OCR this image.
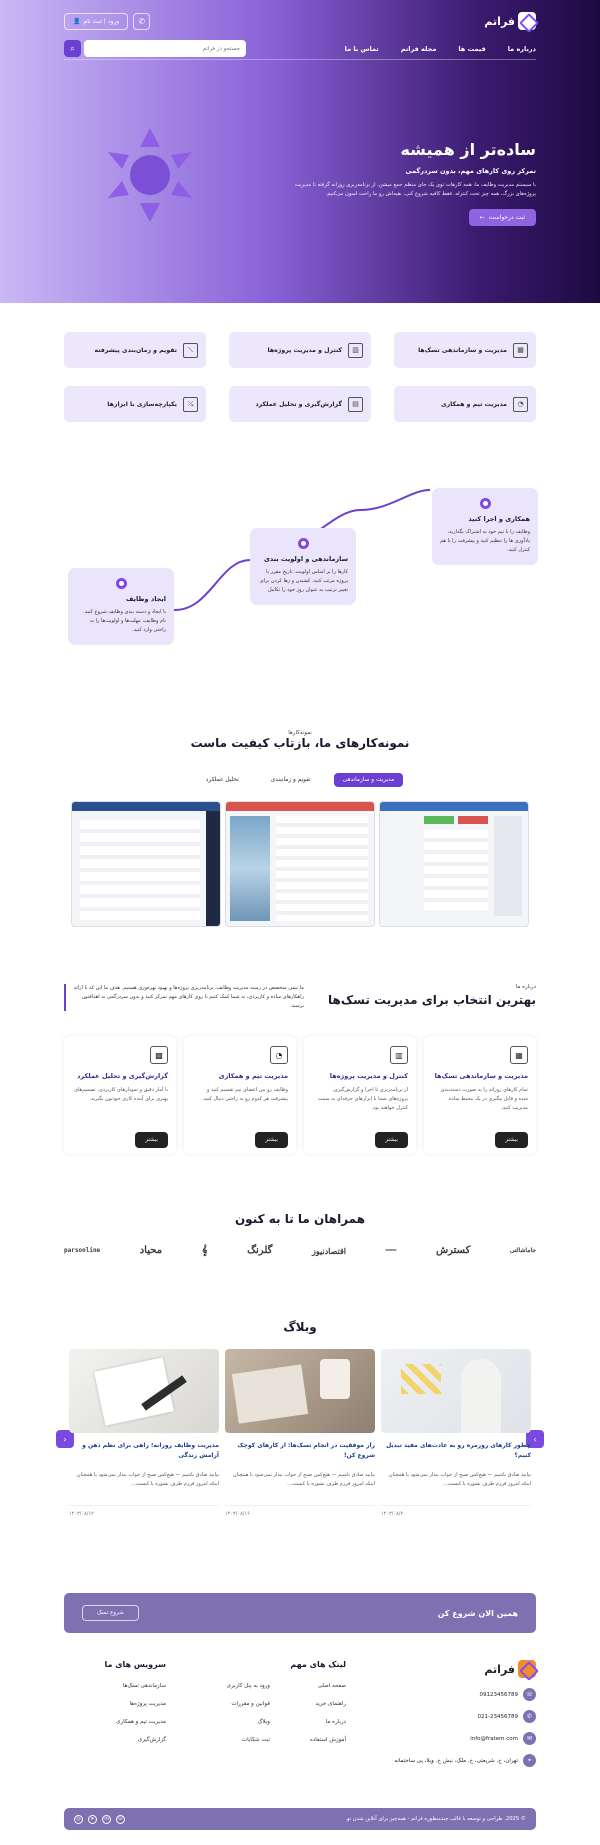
فراتم
👤 ورود | ثبت نام	✆
درباره ما
قیمت ها
مجله فراتم
تماس با ما
⌕
جستجو در فراتم
ساده‌تر از همیشه
تمرکز روی کارهای مهم، بدون سردرگمی
با سیستم مدیریت وظایف ما، همه کارهات توی یک جای منظم جمع میشن. از برنامه‌ریزی روزانه گرفته تا مدیریت پروژه‌های بزرگ، همه چیز تحت کنترله. فقط کافیه شروع کنی، بقیه‌اش رو ما راحت اسون می‌کنیم.
ثبت درخواست
←
▦
مدیریت و سازماندهی تسک‌ها
▥
کنترل و مدیریت پروژه‌ها
⟋
تقویم و زمان‌بندی پیشرفته
◔
مدیریت تیم و همکاری
▤
گزارش‌گیری و تحلیل عملکرد
⤯
یکپارچه‌سازی با ابزارها
همکاری و اجرا کنید
وظایف را با تیم خود به اشتراک بگذارید، یادآوری ها را تنظیم کنید و پیشرفت را با هم کنترل کنید.
سازماندهی و اولویت بندی
کارها را بر اساس اولویت، تاریخ مقرر یا پروژه مرتب کنید. کشیدن و رها کردن برای تغییر ترتیب به عنوان روز خود را تکامل
ایجاد وظایف
با ایجاد و دسته بندی وظایف شروع کنید. نام وظایف، مهلت‌ها و اولویت‌ها را به راحتی وارد کنید.
نمونه‌کارها
نمونه‌کارهای ما، بازتاب کیفیت ماست
مدیریت و سازماندهی
تقویم و زمانبندی
تحلیل عملکرد
درباره ما
بهترین انتخاب برای مدیریت تسک‌ها
ما تیمی متخصص در زمینه مدیریت وظایف، برنامه‌ریزی پروژه‌ها و بهبود بهره‌وری هستیم. هدف ما این که با ارائه راهکارهای ساده و کاربردی، به شما کمک کنیم تا روی کارهای مهم تمرکز کنید و بدون سردرگمی به اهدافتون برسید.
▦
مدیریت و سازماندهی تسک‌ها
تمام کارهای روزانه را به صورت دسته‌بندی شده و قابل پیگیری در یک محیط ساده مدیریت کنید.
بیشتر
▥
کنترل و مدیریت پروژه‌ها
از برنامه‌ریزی تا اجرا و گزارش‌گیری، پروژه‌های شما با ابزارهای حرفه‌ای به سمت کنترل خواهند بود.
بیشتر
◔
مدیریت تیم و همکاری
وظایف رو بین اعضای تیم تقسیم کنید و پیشرفت هر کدوم رو به راحتی دنبال کنید.
بیشتر
▩
گزارش‌گیری و تحلیل عملکرد
با آمار دقیق و نمودارهای کاربردی، تصمیم‌های بهتری برای آینده کاری خودتون بگیرید.
بیشتر
همراهان ما تا به کنون
جاماشالتی
کسترش
═══
اقتصادنیوز
گلرنگ
𝄞
محیاد
parsonline
وبلاگ
›
‹
چطور کارهای روزمره رو به عادت‌های مفید تبدیل کنیم؟
بیایید صادق باشیم — هیچ‌کس صبح از خواب بیدار نمی‌شود یا همچنان اینکه امروز فرزم طرف بشوره یا کیست...
۱۴۰۳/۰۸/۲۰
راز موفقیت در انجام تسک‌ها: از کارهای کوچک شروع کن!
بیایید صادق باشیم — هیچ‌کس صبح از خواب بیدار نمی‌شود یا همچنان اینکه امروز فرزم طرف بشوره یا کیست...
۱۴۰۳/۰۸/۱۶
مدیریت وظایف روزانه؛ راهی برای نظم ذهن و آرامش زندگی
بیایید صادق باشیم — هیچ‌کس صبح از خواب بیدار نمی‌شود یا همچنان اینکه امروز فرزم طرف بشوره یا کیست...
۱۴۰۳/۰۸/۱۲
همین الان شروع کن
شروع تسک
فراتم
☏
09123456789
✆
021-23456789
✉
info@fratem.com
⌖
تهران، خ. شریعتی، خ. ملک، نبش خ. ویلا، پی ساختمانه
لینک های مهم
صفحه اصلی
ورود به پنل کاربری
راهنمای خرید
قوانین و مقررات
درباره ما
وبلاگ
آموزش استفاده
ثبت شکایات
سرویس های ما
سازماندهی تسک‌ها
مدیریت پروژه‌ها
مدیریت تیم و همکاری
گزارش‌گیری
© 2025. طراحی و توسعه با قالب چندمنظوره فراتم - همه‌چیز برای آنلاین شدن تو.
◎	➤	in	☏
